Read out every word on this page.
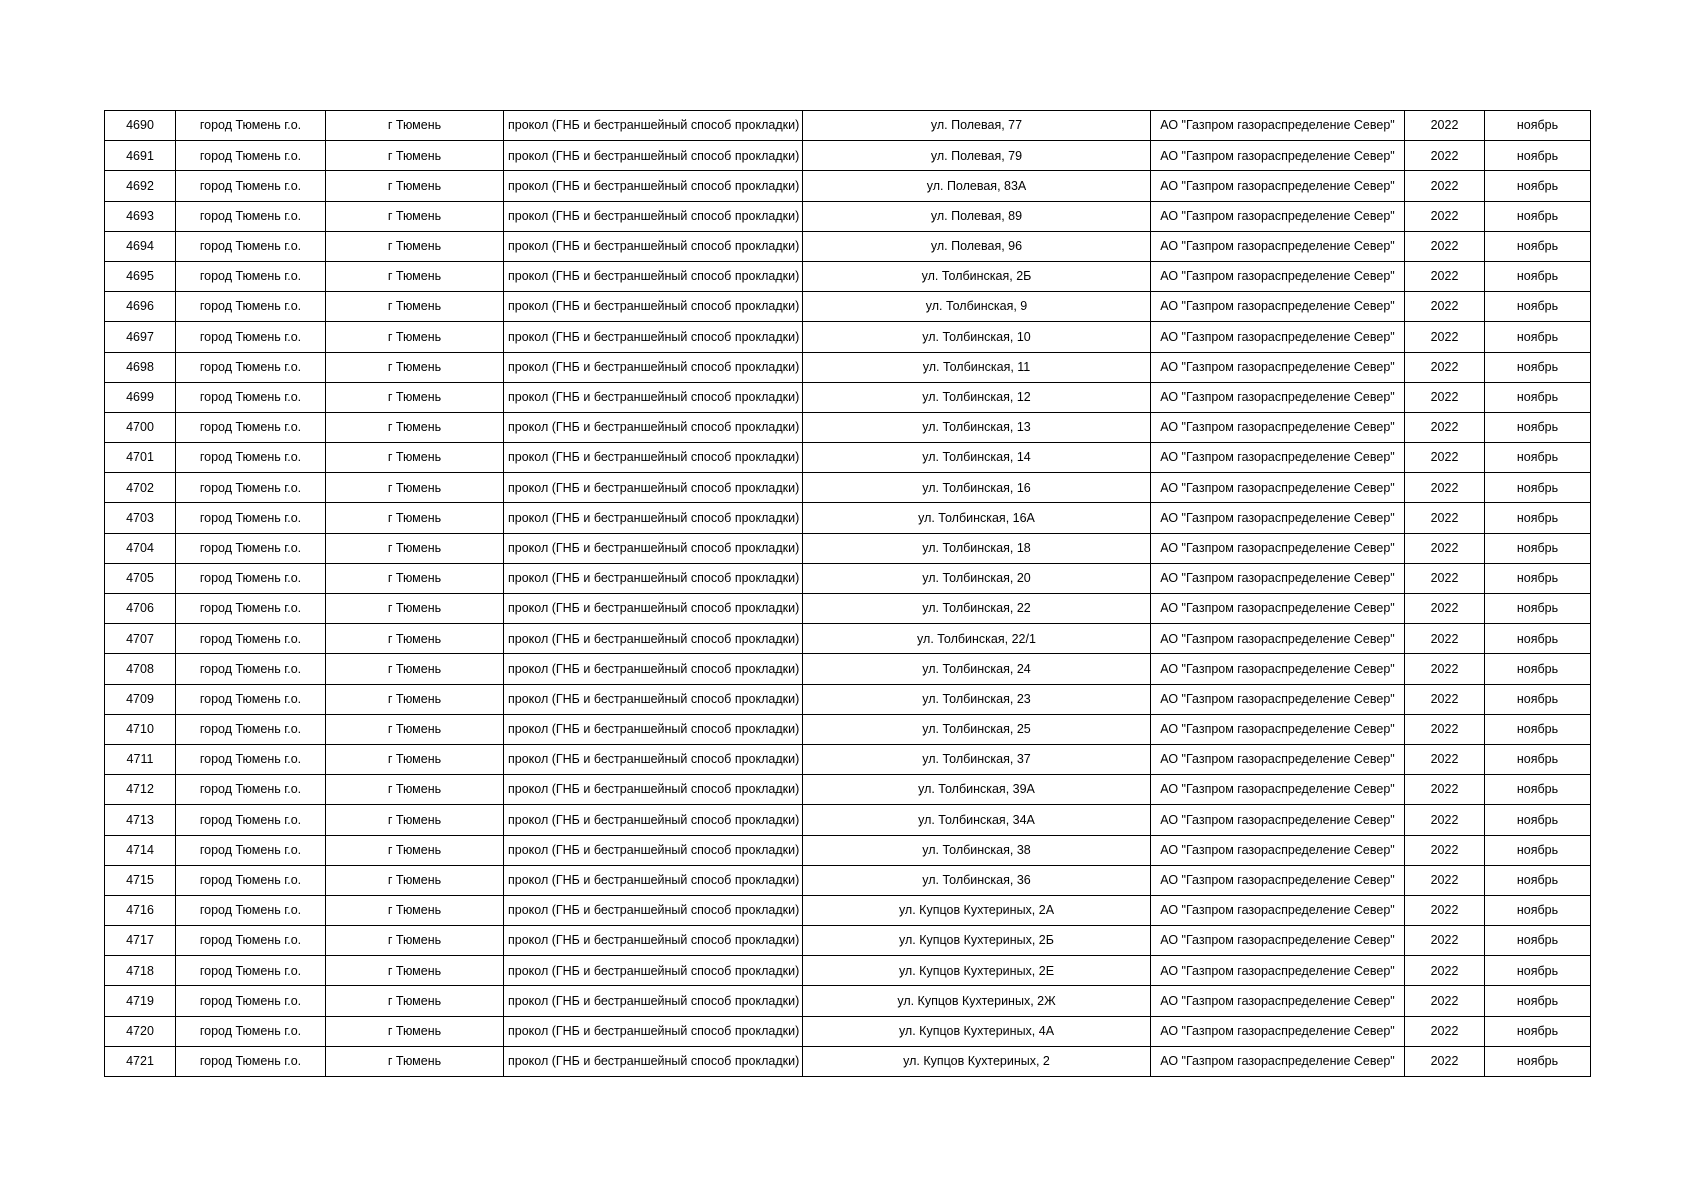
4690	город Тюмень г.о.	г Тюмень	прокол (ГНБ и бестраншейный способ прокладки)	ул. Полевая, 77	АО "Газпром газораспределение Север"	2022	ноябрь
4691	город Тюмень г.о.	г Тюмень	прокол (ГНБ и бестраншейный способ прокладки)	ул. Полевая, 79	АО "Газпром газораспределение Север"	2022	ноябрь
4692	город Тюмень г.о.	г Тюмень	прокол (ГНБ и бестраншейный способ прокладки)	ул. Полевая, 83А	АО "Газпром газораспределение Север"	2022	ноябрь
4693	город Тюмень г.о.	г Тюмень	прокол (ГНБ и бестраншейный способ прокладки)	ул. Полевая, 89	АО "Газпром газораспределение Север"	2022	ноябрь
4694	город Тюмень г.о.	г Тюмень	прокол (ГНБ и бестраншейный способ прокладки)	ул. Полевая, 96	АО "Газпром газораспределение Север"	2022	ноябрь
4695	город Тюмень г.о.	г Тюмень	прокол (ГНБ и бестраншейный способ прокладки)	ул. Толбинская, 2Б	АО "Газпром газораспределение Север"	2022	ноябрь
4696	город Тюмень г.о.	г Тюмень	прокол (ГНБ и бестраншейный способ прокладки)	ул. Толбинская, 9	АО "Газпром газораспределение Север"	2022	ноябрь
4697	город Тюмень г.о.	г Тюмень	прокол (ГНБ и бестраншейный способ прокладки)	ул. Толбинская, 10	АО "Газпром газораспределение Север"	2022	ноябрь
4698	город Тюмень г.о.	г Тюмень	прокол (ГНБ и бестраншейный способ прокладки)	ул. Толбинская, 11	АО "Газпром газораспределение Север"	2022	ноябрь
4699	город Тюмень г.о.	г Тюмень	прокол (ГНБ и бестраншейный способ прокладки)	ул. Толбинская, 12	АО "Газпром газораспределение Север"	2022	ноябрь
4700	город Тюмень г.о.	г Тюмень	прокол (ГНБ и бестраншейный способ прокладки)	ул. Толбинская, 13	АО "Газпром газораспределение Север"	2022	ноябрь
4701	город Тюмень г.о.	г Тюмень	прокол (ГНБ и бестраншейный способ прокладки)	ул. Толбинская, 14	АО "Газпром газораспределение Север"	2022	ноябрь
4702	город Тюмень г.о.	г Тюмень	прокол (ГНБ и бестраншейный способ прокладки)	ул. Толбинская, 16	АО "Газпром газораспределение Север"	2022	ноябрь
4703	город Тюмень г.о.	г Тюмень	прокол (ГНБ и бестраншейный способ прокладки)	ул. Толбинская, 16А	АО "Газпром газораспределение Север"	2022	ноябрь
4704	город Тюмень г.о.	г Тюмень	прокол (ГНБ и бестраншейный способ прокладки)	ул. Толбинская, 18	АО "Газпром газораспределение Север"	2022	ноябрь
4705	город Тюмень г.о.	г Тюмень	прокол (ГНБ и бестраншейный способ прокладки)	ул. Толбинская, 20	АО "Газпром газораспределение Север"	2022	ноябрь
4706	город Тюмень г.о.	г Тюмень	прокол (ГНБ и бестраншейный способ прокладки)	ул. Толбинская, 22	АО "Газпром газораспределение Север"	2022	ноябрь
4707	город Тюмень г.о.	г Тюмень	прокол (ГНБ и бестраншейный способ прокладки)	ул. Толбинская, 22/1	АО "Газпром газораспределение Север"	2022	ноябрь
4708	город Тюмень г.о.	г Тюмень	прокол (ГНБ и бестраншейный способ прокладки)	ул. Толбинская, 24	АО "Газпром газораспределение Север"	2022	ноябрь
4709	город Тюмень г.о.	г Тюмень	прокол (ГНБ и бестраншейный способ прокладки)	ул. Толбинская, 23	АО "Газпром газораспределение Север"	2022	ноябрь
4710	город Тюмень г.о.	г Тюмень	прокол (ГНБ и бестраншейный способ прокладки)	ул. Толбинская, 25	АО "Газпром газораспределение Север"	2022	ноябрь
4711	город Тюмень г.о.	г Тюмень	прокол (ГНБ и бестраншейный способ прокладки)	ул. Толбинская, 37	АО "Газпром газораспределение Север"	2022	ноябрь
4712	город Тюмень г.о.	г Тюмень	прокол (ГНБ и бестраншейный способ прокладки)	ул. Толбинская, 39А	АО "Газпром газораспределение Север"	2022	ноябрь
4713	город Тюмень г.о.	г Тюмень	прокол (ГНБ и бестраншейный способ прокладки)	ул. Толбинская, 34А	АО "Газпром газораспределение Север"	2022	ноябрь
4714	город Тюмень г.о.	г Тюмень	прокол (ГНБ и бестраншейный способ прокладки)	ул. Толбинская, 38	АО "Газпром газораспределение Север"	2022	ноябрь
4715	город Тюмень г.о.	г Тюмень	прокол (ГНБ и бестраншейный способ прокладки)	ул. Толбинская, 36	АО "Газпром газораспределение Север"	2022	ноябрь
4716	город Тюмень г.о.	г Тюмень	прокол (ГНБ и бестраншейный способ прокладки)	ул. Купцов Кухтериных, 2А	АО "Газпром газораспределение Север"	2022	ноябрь
4717	город Тюмень г.о.	г Тюмень	прокол (ГНБ и бестраншейный способ прокладки)	ул. Купцов Кухтериных, 2Б	АО "Газпром газораспределение Север"	2022	ноябрь
4718	город Тюмень г.о.	г Тюмень	прокол (ГНБ и бестраншейный способ прокладки)	ул. Купцов Кухтериных, 2Е	АО "Газпром газораспределение Север"	2022	ноябрь
4719	город Тюмень г.о.	г Тюмень	прокол (ГНБ и бестраншейный способ прокладки)	ул. Купцов Кухтериных, 2Ж	АО "Газпром газораспределение Север"	2022	ноябрь
4720	город Тюмень г.о.	г Тюмень	прокол (ГНБ и бестраншейный способ прокладки)	ул. Купцов Кухтериных, 4А	АО "Газпром газораспределение Север"	2022	ноябрь
4721	город Тюмень г.о.	г Тюмень	прокол (ГНБ и бестраншейный способ прокладки)	ул. Купцов Кухтериных, 2	АО "Газпром газораспределение Север"	2022	ноябрь
